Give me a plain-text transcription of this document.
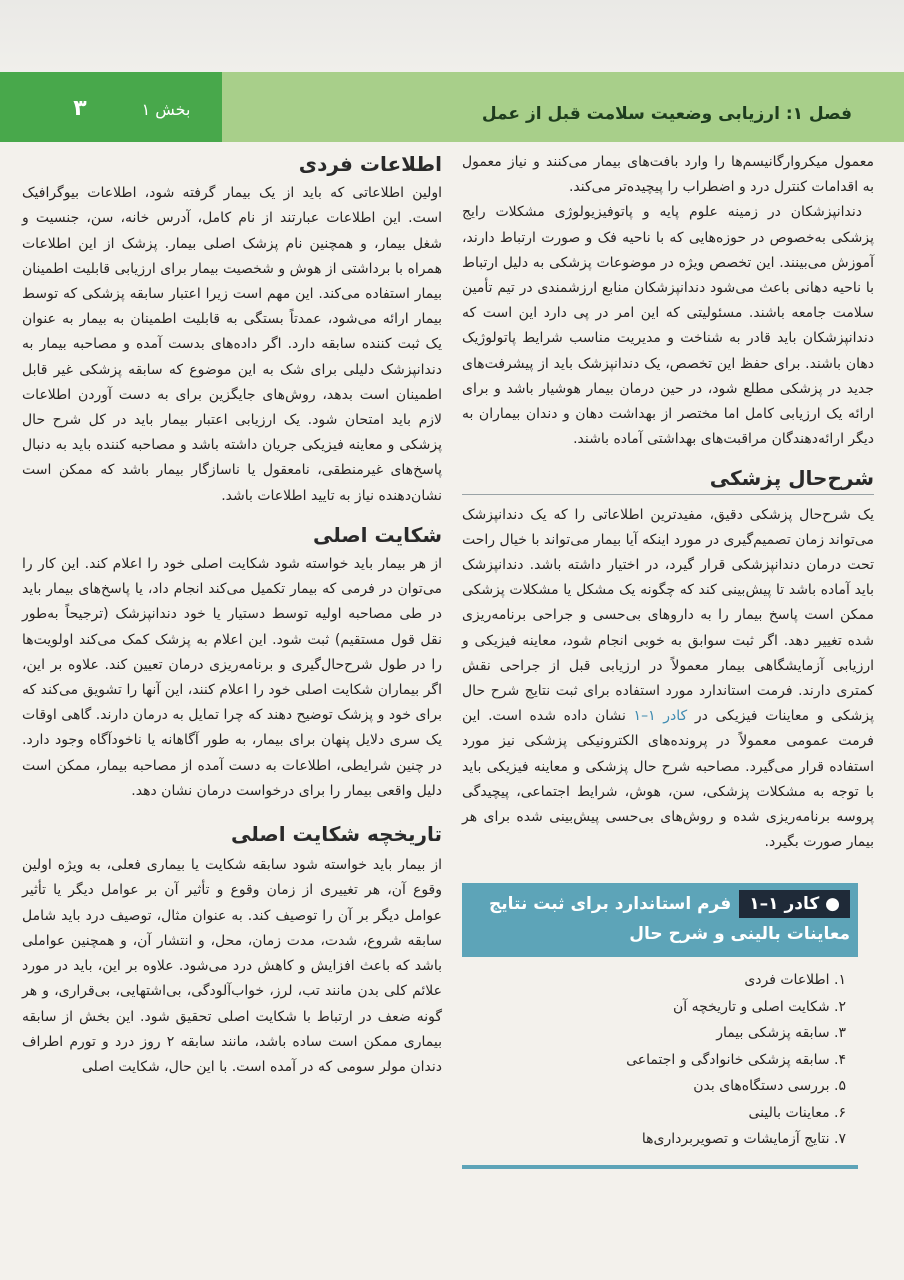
۳	بخش ۱	فصل ۱: ارزیابی وضعیت سلامت قبل از عمل

معمول میکروارگانیسم‌ها را وارد بافت‌های بیمار می‌کنند و نیاز معمول به اقدامات کنترل درد و اضطراب را پیچیده‌تر می‌کند.

دندانپزشکان در زمینه علوم پایه و پاتوفیزیولوژی مشکلات رایج پزشکی به‌خصوص در حوزه‌هایی که با ناحیه فک و صورت ارتباط دارند، آموزش می‌بینند. این تخصص ویژه در موضوعات پزشکی به دلیل ارتباط با ناحیه دهانی باعث می‌شود دندانپزشکان منابع ارزشمندی در تیم تأمین سلامت جامعه باشند. مسئولیتی که این امر در پی دارد این است که دندانپزشکان باید قادر به شناخت و مدیریت مناسب شرایط پاتولوژیک دهان باشند. برای حفظ این تخصص، یک دندانپزشک باید از پیشرفت‌های جدید در پزشکی مطلع شود، در حین درمان بیمار هوشیار باشد و برای ارائه یک ارزیابی کامل اما مختصر از بهداشت دهان و دندان بیماران به دیگر ارائه‌دهندگان مراقبت‌های بهداشتی آماده باشند.

شرح‌حال پزشکی

یک شرح‌حال پزشکی دقیق، مفیدترین اطلاعاتی را که یک دندانپزشک می‌تواند زمان تصمیم‌گیری در مورد اینکه آیا بیمار می‌تواند با خیال راحت تحت درمان دندانپزشکی قرار گیرد، در اختیار داشته باشد. دندانپزشک باید آماده باشد تا پیش‌بینی کند که چگونه یک مشکل یا مشکلات پزشکی ممکن است پاسخ بیمار را به داروهای بی‌حسی و جراحی برنامه‌ریزی شده تغییر دهد. اگر ثبت سوابق به خوبی انجام شود، معاینه فیزیکی و ارزیابی آزمایشگاهی بیمار معمولاً در ارزیابی قبل از جراحی نقش کمتری دارند. فرمت استاندارد مورد استفاده برای ثبت نتایج شرح حال پزشکی و معاینات فیزیکی در کادر ۱–۱ نشان داده شده است. این فرمت عمومی معمولاً در پرونده‌های الکترونیکی پزشکی نیز مورد استفاده قرار می‌گیرد. مصاحبه شرح حال پزشکی و معاینه فیزیکی باید با توجه به مشکلات پزشکی، سن، هوش، شرایط اجتماعی، پیچیدگی پروسه برنامه‌ریزی شده و روش‌های بی‌حسی پیش‌بینی شده برای هر بیمار صورت بگیرد.

● کادر ۱–۱فرم استاندارد برای ثبت نتایج معاینات بالینی و شرح حال
۱. اطلاعات فردی
۲. شکایت اصلی و تاریخچه آن
۳. سابقه پزشکی بیمار
۴. سابقه پزشکی خانوادگی و اجتماعی
۵. بررسی دستگاه‌های بدن
۶. معاینات بالینی
۷. نتایج آزمایشات و تصویربرداری‌ها
اطلاعات فردی

اولین اطلاعاتی که باید از یک بیمار گرفته شود، اطلاعات بیوگرافیک است. این اطلاعات عبارتند از نام کامل، آدرس خانه، سن، جنسیت و شغل بیمار، و همچنین نام پزشک اصلی بیمار. پزشک از این اطلاعات همراه با برداشتی از هوش و شخصیت بیمار برای ارزیابی قابلیت اطمینان بیمار استفاده می‌کند. این مهم است زیرا اعتبار سابقه پزشکی که توسط بیمار ارائه می‌شود، عمدتاً بستگی به قابلیت اطمینان به بیمار به عنوان یک ثبت کننده سابقه دارد. اگر داده‌های بدست آمده و مصاحبه بیمار به دندانپزشک دلیلی برای شک به این موضوع که سابقه پزشکی غیر قابل اطمینان است بدهد، روش‌های جایگزین برای به دست آوردن اطلاعات لازم باید امتحان شود. یک ارزیابی اعتبار بیمار باید در کل شرح حال پزشکی و معاینه فیزیکی جریان داشته باشد و مصاحبه کننده باید به دنبال پاسخ‌های غیرمنطقی، نامعقول یا ناسازگار بیمار باشد که ممکن است نشان‌دهنده نیاز به تایید اطلاعات باشد.

شکایت اصلی

از هر بیمار باید خواسته شود شکایت اصلی خود را اعلام کند. این کار را می‌توان در فرمی که بیمار تکمیل می‌کند انجام داد، یا پاسخ‌های بیمار باید در طی مصاحبه اولیه توسط دستیار یا خود دندانپزشک (ترجیحاً به‌طور نقل قول مستقیم) ثبت شود. این اعلام به پزشک کمک می‌کند اولویت‌ها را در طول شرح‌حال‌گیری و برنامه‌ریزی درمان تعیین کند. علاوه بر این، اگر بیماران شکایت اصلی خود را اعلام کنند، این آنها را تشویق می‌کند که برای خود و پزشک توضیح دهند که چرا تمایل به درمان دارند. گاهی اوقات یک سری دلایل پنهان برای بیمار، به طور آگاهانه یا ناخودآگاه وجود دارد. در چنین شرایطی، اطلاعات به دست آمده از مصاحبه بیمار، ممکن است دلیل واقعی بیمار را برای درخواست درمان نشان دهد.

تاریخچه شکایت اصلی

از بیمار باید خواسته شود سابقه شکایت یا بیماری فعلی، به ویژه اولین وقوع آن، هر تغییری از زمان وقوع و تأثیر آن بر عوامل دیگر یا تأثیر عوامل دیگر بر آن را توصیف کند. به عنوان مثال، توصیف درد باید شامل سابقه شروع، شدت، مدت زمان، محل، و انتشار آن، و همچنین عواملی باشد که باعث افزایش و کاهش درد می‌شود. علاوه بر این، باید در مورد علائم کلی بدن مانند تب، لرز، خواب‌آلودگی، بی‌اشتهایی، بی‌قراری، و هر گونه ضعف در ارتباط با شکایت اصلی تحقیق شود. این بخش از سابقه بیماری ممکن است ساده باشد، مانند سابقه ۲ روز درد و تورم اطراف دندان مولر سومی که در آمده است. با این حال، شکایت اصلی
